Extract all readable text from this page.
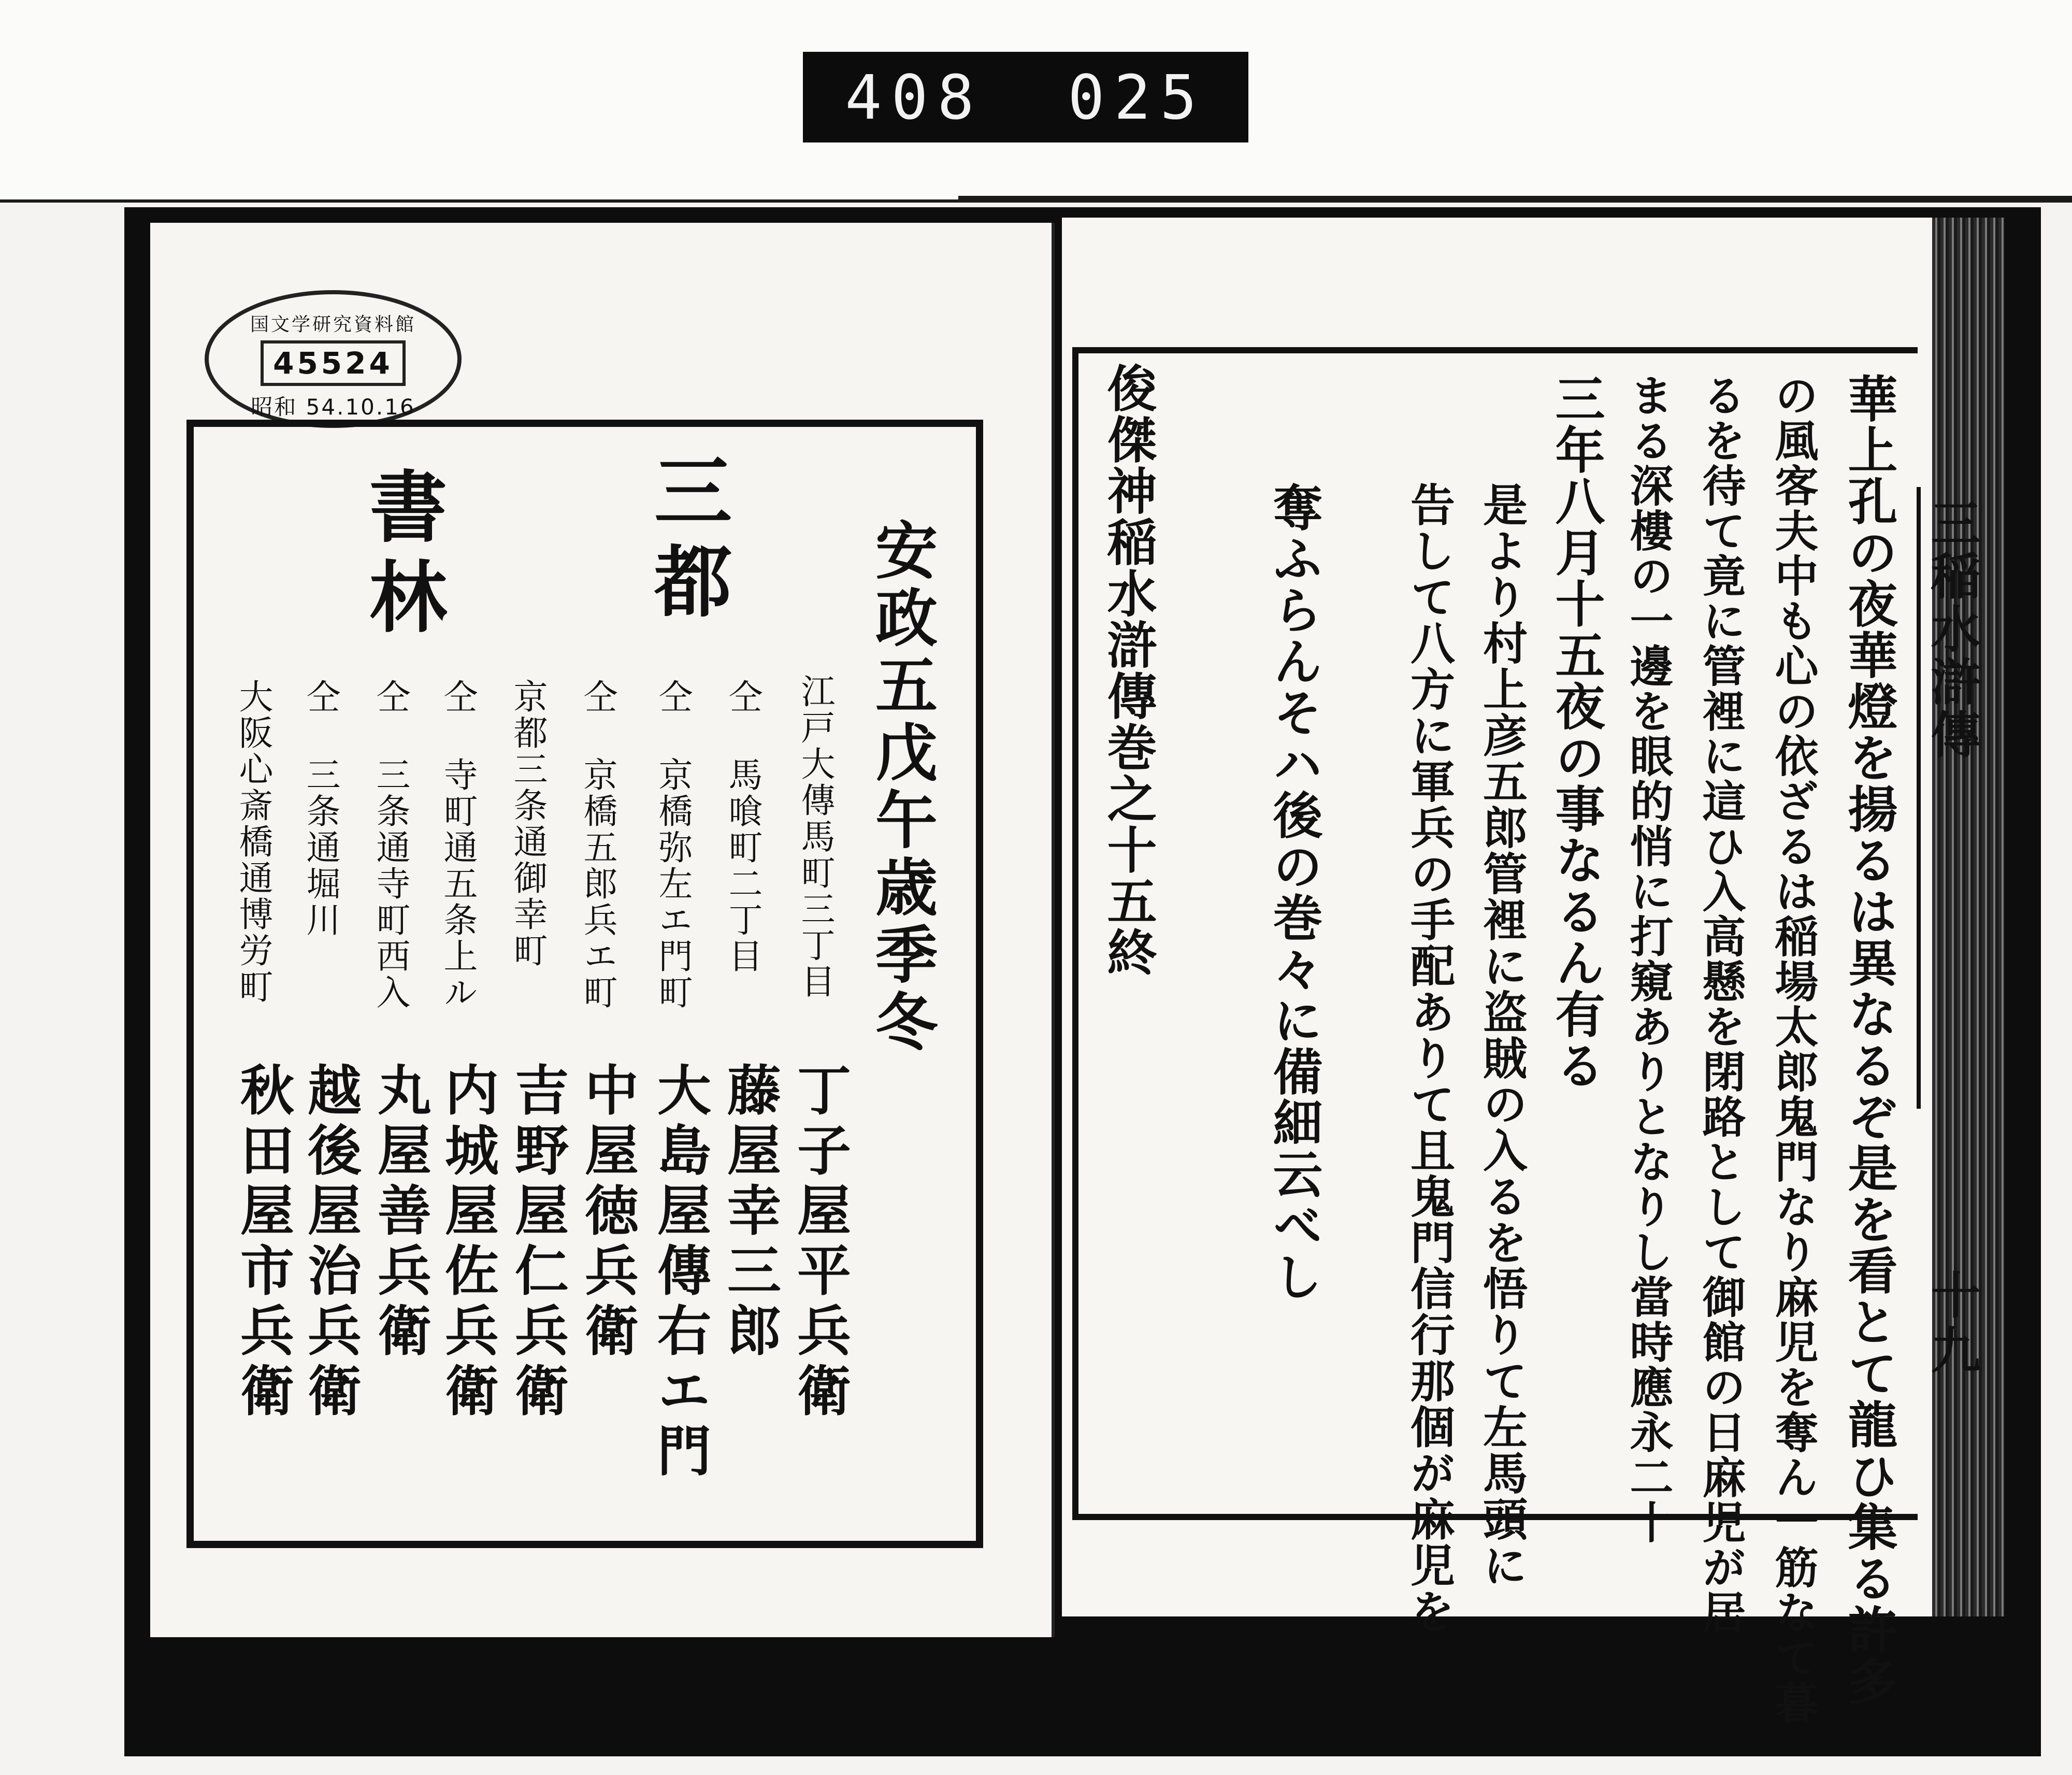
408 025
国文学研究資料館
45524
昭和 54.10.16

安政五戊午歳季冬

三都

書林

江戸大傳馬町三丁目

仝 馬喰町二丁目

仝 京橋弥左エ門町

仝 京橋五郎兵エ町

京都三条通御幸町

仝 寺町通五条上ル

仝 三条通寺町西入

仝 三条通堀川

大阪心斎橋通博労町

丁子屋平兵衛

藤屋幸三郎

大島屋傳右エ門

中屋徳兵衛

吉野屋仁兵衛

内城屋佐兵衛

丸屋善兵衛

越後屋治兵衛

秋田屋市兵衛

三稲水滸傳

十九

華上孔の夜華燈を揚るは異なるぞ是を看とて龍ひ集る許多

の風客夫中も心の依ざるは稲場太郎鬼門なり麻児を奪ん一筋なて暮

るを待て竟に管裡に這ひ入高懸を閉路として御館の日麻児が居

まる深樓の一邊を眼的悄に打窺ありとなりし當時應永二十

三年八月十五夜の事なるん有る

是より村上彦五郎管裡に盗賊の入るを悟りて左馬頭に

告して八方に軍兵の手配ありて且鬼門信行那個が麻児を

奪ふらんそハ後の巻々に備細云べし

俊傑神稲水滸傳巻之十五終
